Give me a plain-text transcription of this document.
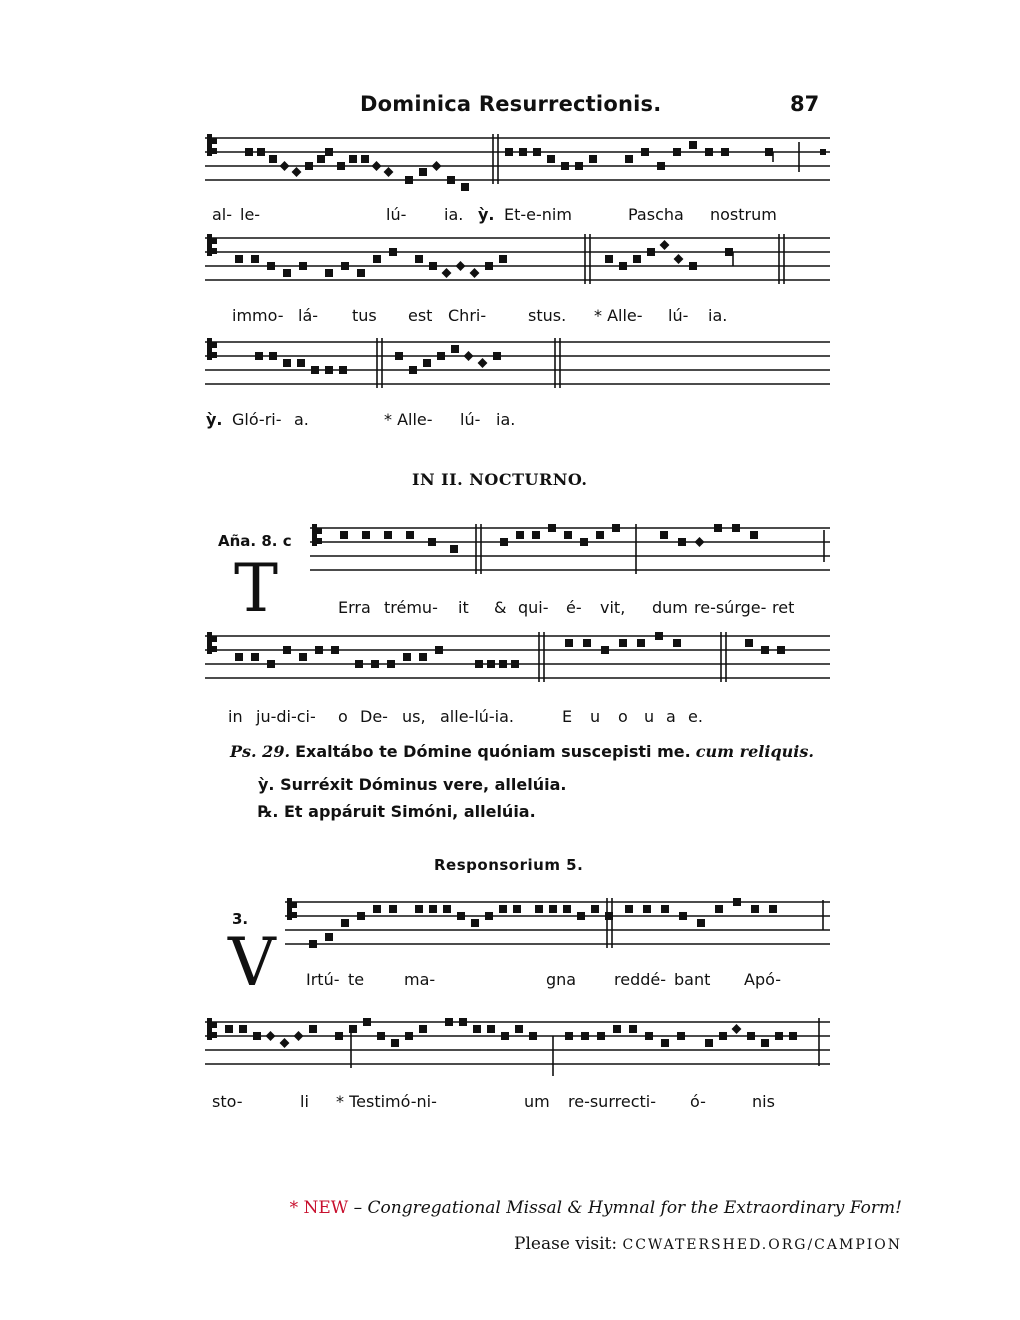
Dominica Resurrectionis.	87
al- le-	lú- ia. ỳ. Et-e-nim	Pascha nostrum
immo- lá- tus est Chri-	stus. * Alle- lú- ia.
ỳ. Gló-ri- a.	* Alle- lú- ia.
IN II. NOCTURNO.
Aña. 8. c
T	Erra trému- it & qui- é- vit, dum re-súrge- ret
in ju-di-ci- o De- us, alle-lú-ia.	E u o u a e.
Ps. 29. Exaltábo te Dómine quóniam suscepisti me. cum reliquis.
ỳ. Surréxit Dóminus vere, allelúia.
℞. Et appáruit Simóni, allelúia.
Responsorium 5.
3.
V Irtú- te ma-	gna reddé- bant Apó-
sto-	li * Testimó-ni-	um re-surrecti- ó-	nis
* NEW – Congregational Missal & Hymnal for the Extraordinary Form!
Please visit: CCWATERSHED.ORG/CAMPION
